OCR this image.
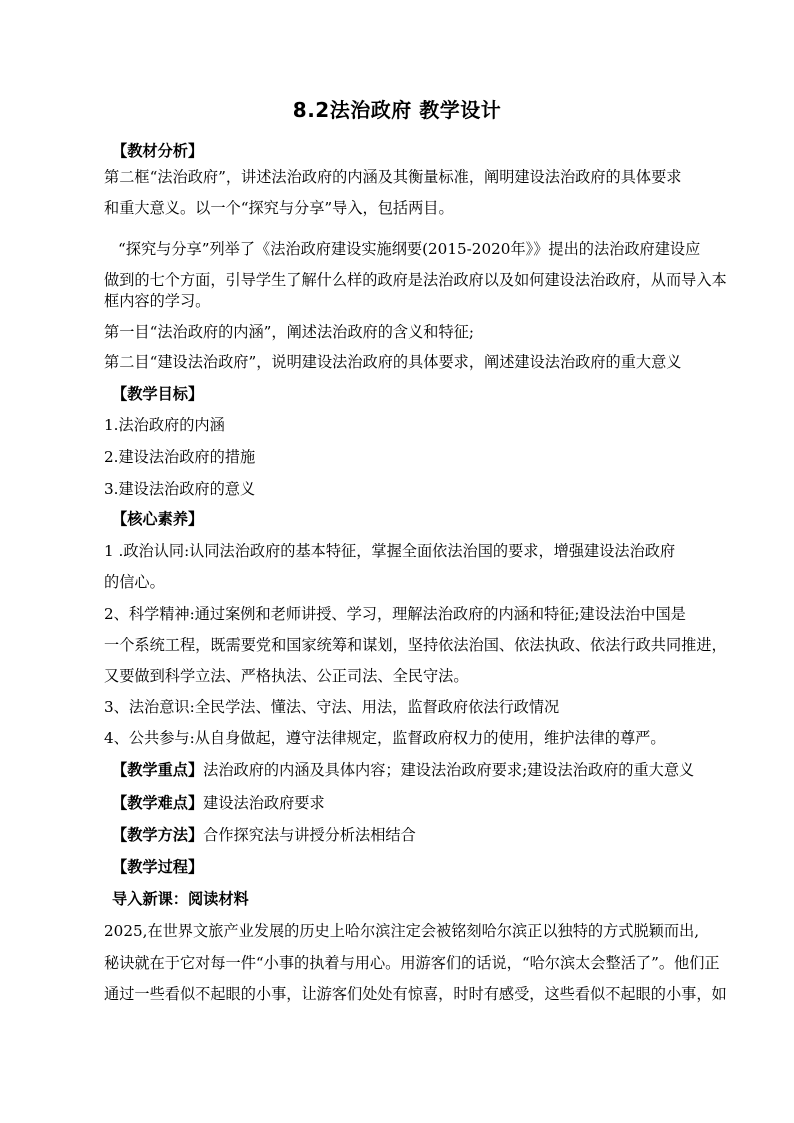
8.2法治政府 教学设计
【教材分析】
第二框“法治政府”，讲述法治政府的内涵及其衡量标准，阐明建设法治政府的具体要求
和重大意义。以一个“探究与分享”导入，包括两目。
“探究与分享”列举了《法治政府建设实施纲要(2015-2020年》》提出的法治政府建设应
做到的七个方面，引导学生了解什么样的政府是法治政府以及如何建设法治政府，从而导入本
框内容的学习。
第一目“法治政府的内涵”，阐述法治政府的含义和特征;
第二目“建设法治政府”，说明建设法治政府的具体要求，阐述建设法治政府的重大意义
【教学目标】
1.法治政府的内涵
2.建设法治政府的措施
3.建设法治政府的意义
【核心素养】
1 .政治认同:认同法治政府的基本特征，掌握全面依法治国的要求，增强建设法治政府
的信心。
2、科学精神:通过案例和老师讲授、学习，理解法治政府的内涵和特征;建设法治中国是
一个系统工程，既需要党和国家统筹和谋划，坚持依法治国、依法执政、依法行政共同推进，
又要做到科学立法、严格执法、公正司法、全民守法。
3、法治意识:全民学法、懂法、守法、用法，监督政府依法行政情况
4、公共参与:从自身做起，遵守法律规定，监督政府权力的使用，维护法律的尊严。
【教学重点】法治政府的内涵及具体内容；建设法治政府要求;建设法治政府的重大意义
【教学难点】建设法治政府要求
【教学方法】合作探究法与讲授分析法相结合
【教学过程】
导入新课：阅读材料
2025,在世界文旅产业发展的历史上哈尔滨注定会被铭刻哈尔滨正以独特的方式脱颖而出,
秘诀就在于它对每一件“小事的执着与用心。用游客们的话说，“哈尔滨太会整活了”。他们正
通过一些看似不起眼的小事，让游客们处处有惊喜，时时有感受，这些看似不起眼的小事，如
